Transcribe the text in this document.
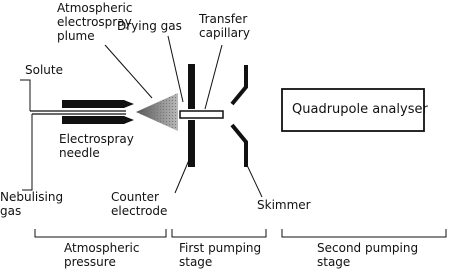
Atmospheric
electrospray
plume
Drying gas Transfer
capillary
Solute
Quadrupole analyser
Electrospray
needle
Nebulising
gas
Counter
electrode	Skimmer
Atmospheric
pressure
First pumping
stage
Second pumping
stage
